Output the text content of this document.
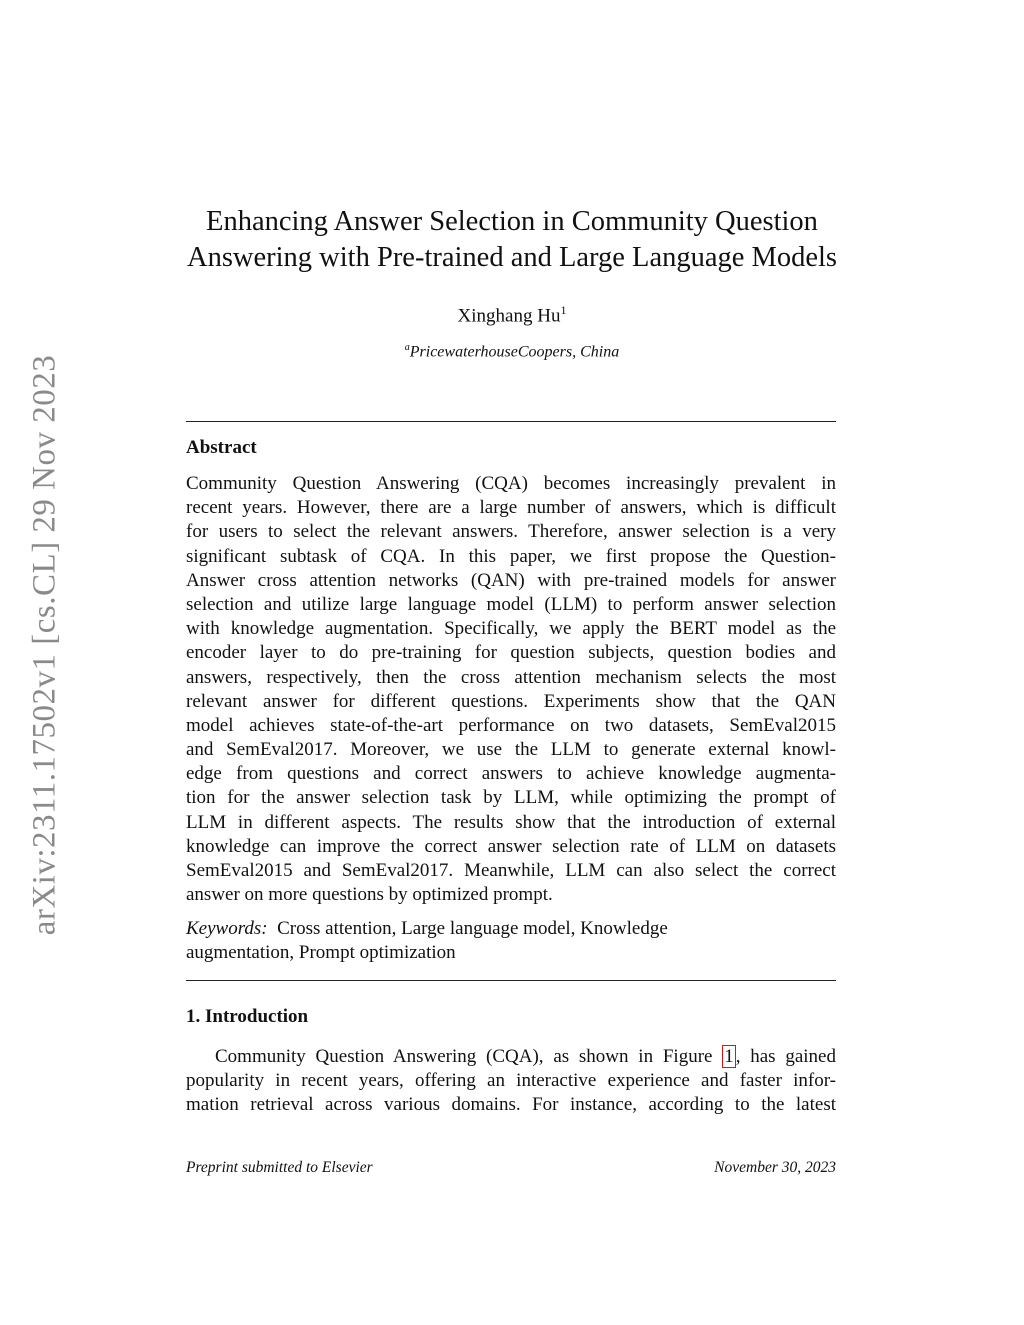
arXiv:2311.17502v1 [cs.CL] 29 Nov 2023
Enhancing Answer Selection in Community Question
Answering with Pre-trained and Large Language Models
Xinghang Hu$^1$
$^a$PricewaterhouseCoopers, China
Abstract
Community Question Answering (CQA) becomes increasingly prevalent in
recent years. However, there are a large number of answers, which is difficult
for users to select the relevant answers. Therefore, answer selection is a very
significant subtask of CQA. In this paper, we first propose the Question-
Answer cross attention networks (QAN) with pre-trained models for answer
selection and utilize large language model (LLM) to perform answer selection
with knowledge augmentation. Specifically, we apply the BERT model as the
encoder layer to do pre-training for question subjects, question bodies and
answers, respectively, then the cross attention mechanism selects the most
relevant answer for different questions. Experiments show that the QAN
model achieves state-of-the-art performance on two datasets, SemEval2015
and SemEval2017. Moreover, we use the LLM to generate external knowl-
edge from questions and correct answers to achieve knowledge augmenta-
tion for the answer selection task by LLM, while optimizing the prompt of
LLM in different aspects. The results show that the introduction of external
knowledge can improve the correct answer selection rate of LLM on datasets
SemEval2015 and SemEval2017. Meanwhile, LLM can also select the correct
answer on more questions by optimized prompt.
Keywords: Cross attention, Large language model, Knowledge
augmentation, Prompt optimization
1. Introduction
Community Question Answering (CQA), as shown in Figure 1 , has gained
popularity in recent years, offering an interactive experience and faster infor-
mation retrieval across various domains. For instance, according to the latest
Preprint submitted to Elsevier	November 30, 2023
